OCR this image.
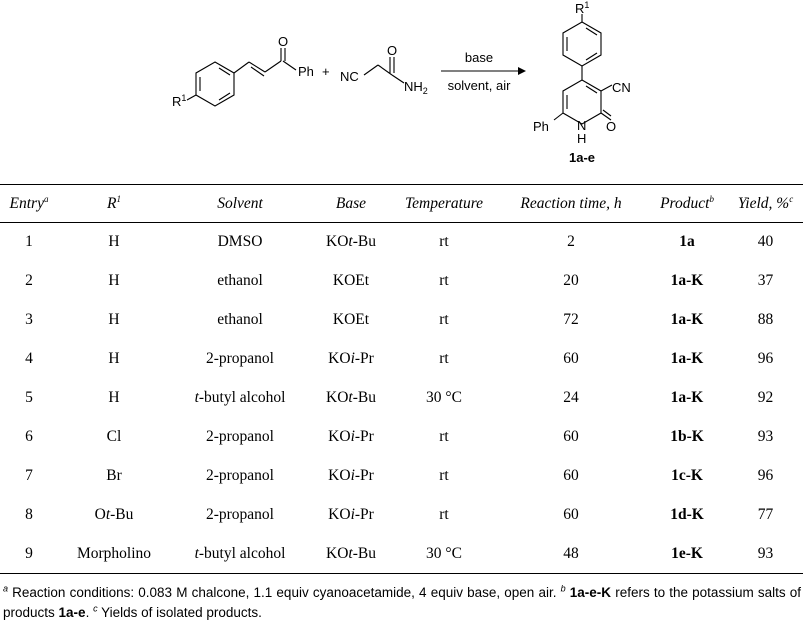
$R^1$
O
Ph + NC
O
$NH_2$
base
solvent, air
$R^1$
CN
Ph N
H
O
1a-e
Entry$^a$	$R^1$	Solvent	Base	Temperature	Reaction time, h	Product$^b$	Yield, %$^c$
1	H	DMSO	KOt-Bu	rt	2	1a	40
2	H	ethanol	KOEt	rt	20	1a-K	37
3	H	ethanol	KOEt	rt	72	1a-K	88
4	H	2-propanol	KOi-Pr	rt	60	1a-K	96
5	H	t-butyl alcohol	KOt-Bu	30 °C	24	1a-K	92
6	Cl	2-propanol	KOi-Pr	rt	60	1b-K	93
7	Br	2-propanol	KOi-Pr	rt	60	1c-K	96
8	Ot-Bu	2-propanol	KOi-Pr	rt	60	1d-K	77
9	Morpholino	t-butyl alcohol	KOt-Bu	30 °C	48	1e-K	93
$^a$ Reaction conditions: 0.083 M chalcone, 1.1 equiv cyanoacetamide, 4 equiv base, open air. $^b$ 1a-e-K refers to the potassium salts of products 1a-e. $^c$ Yields of isolated products.
